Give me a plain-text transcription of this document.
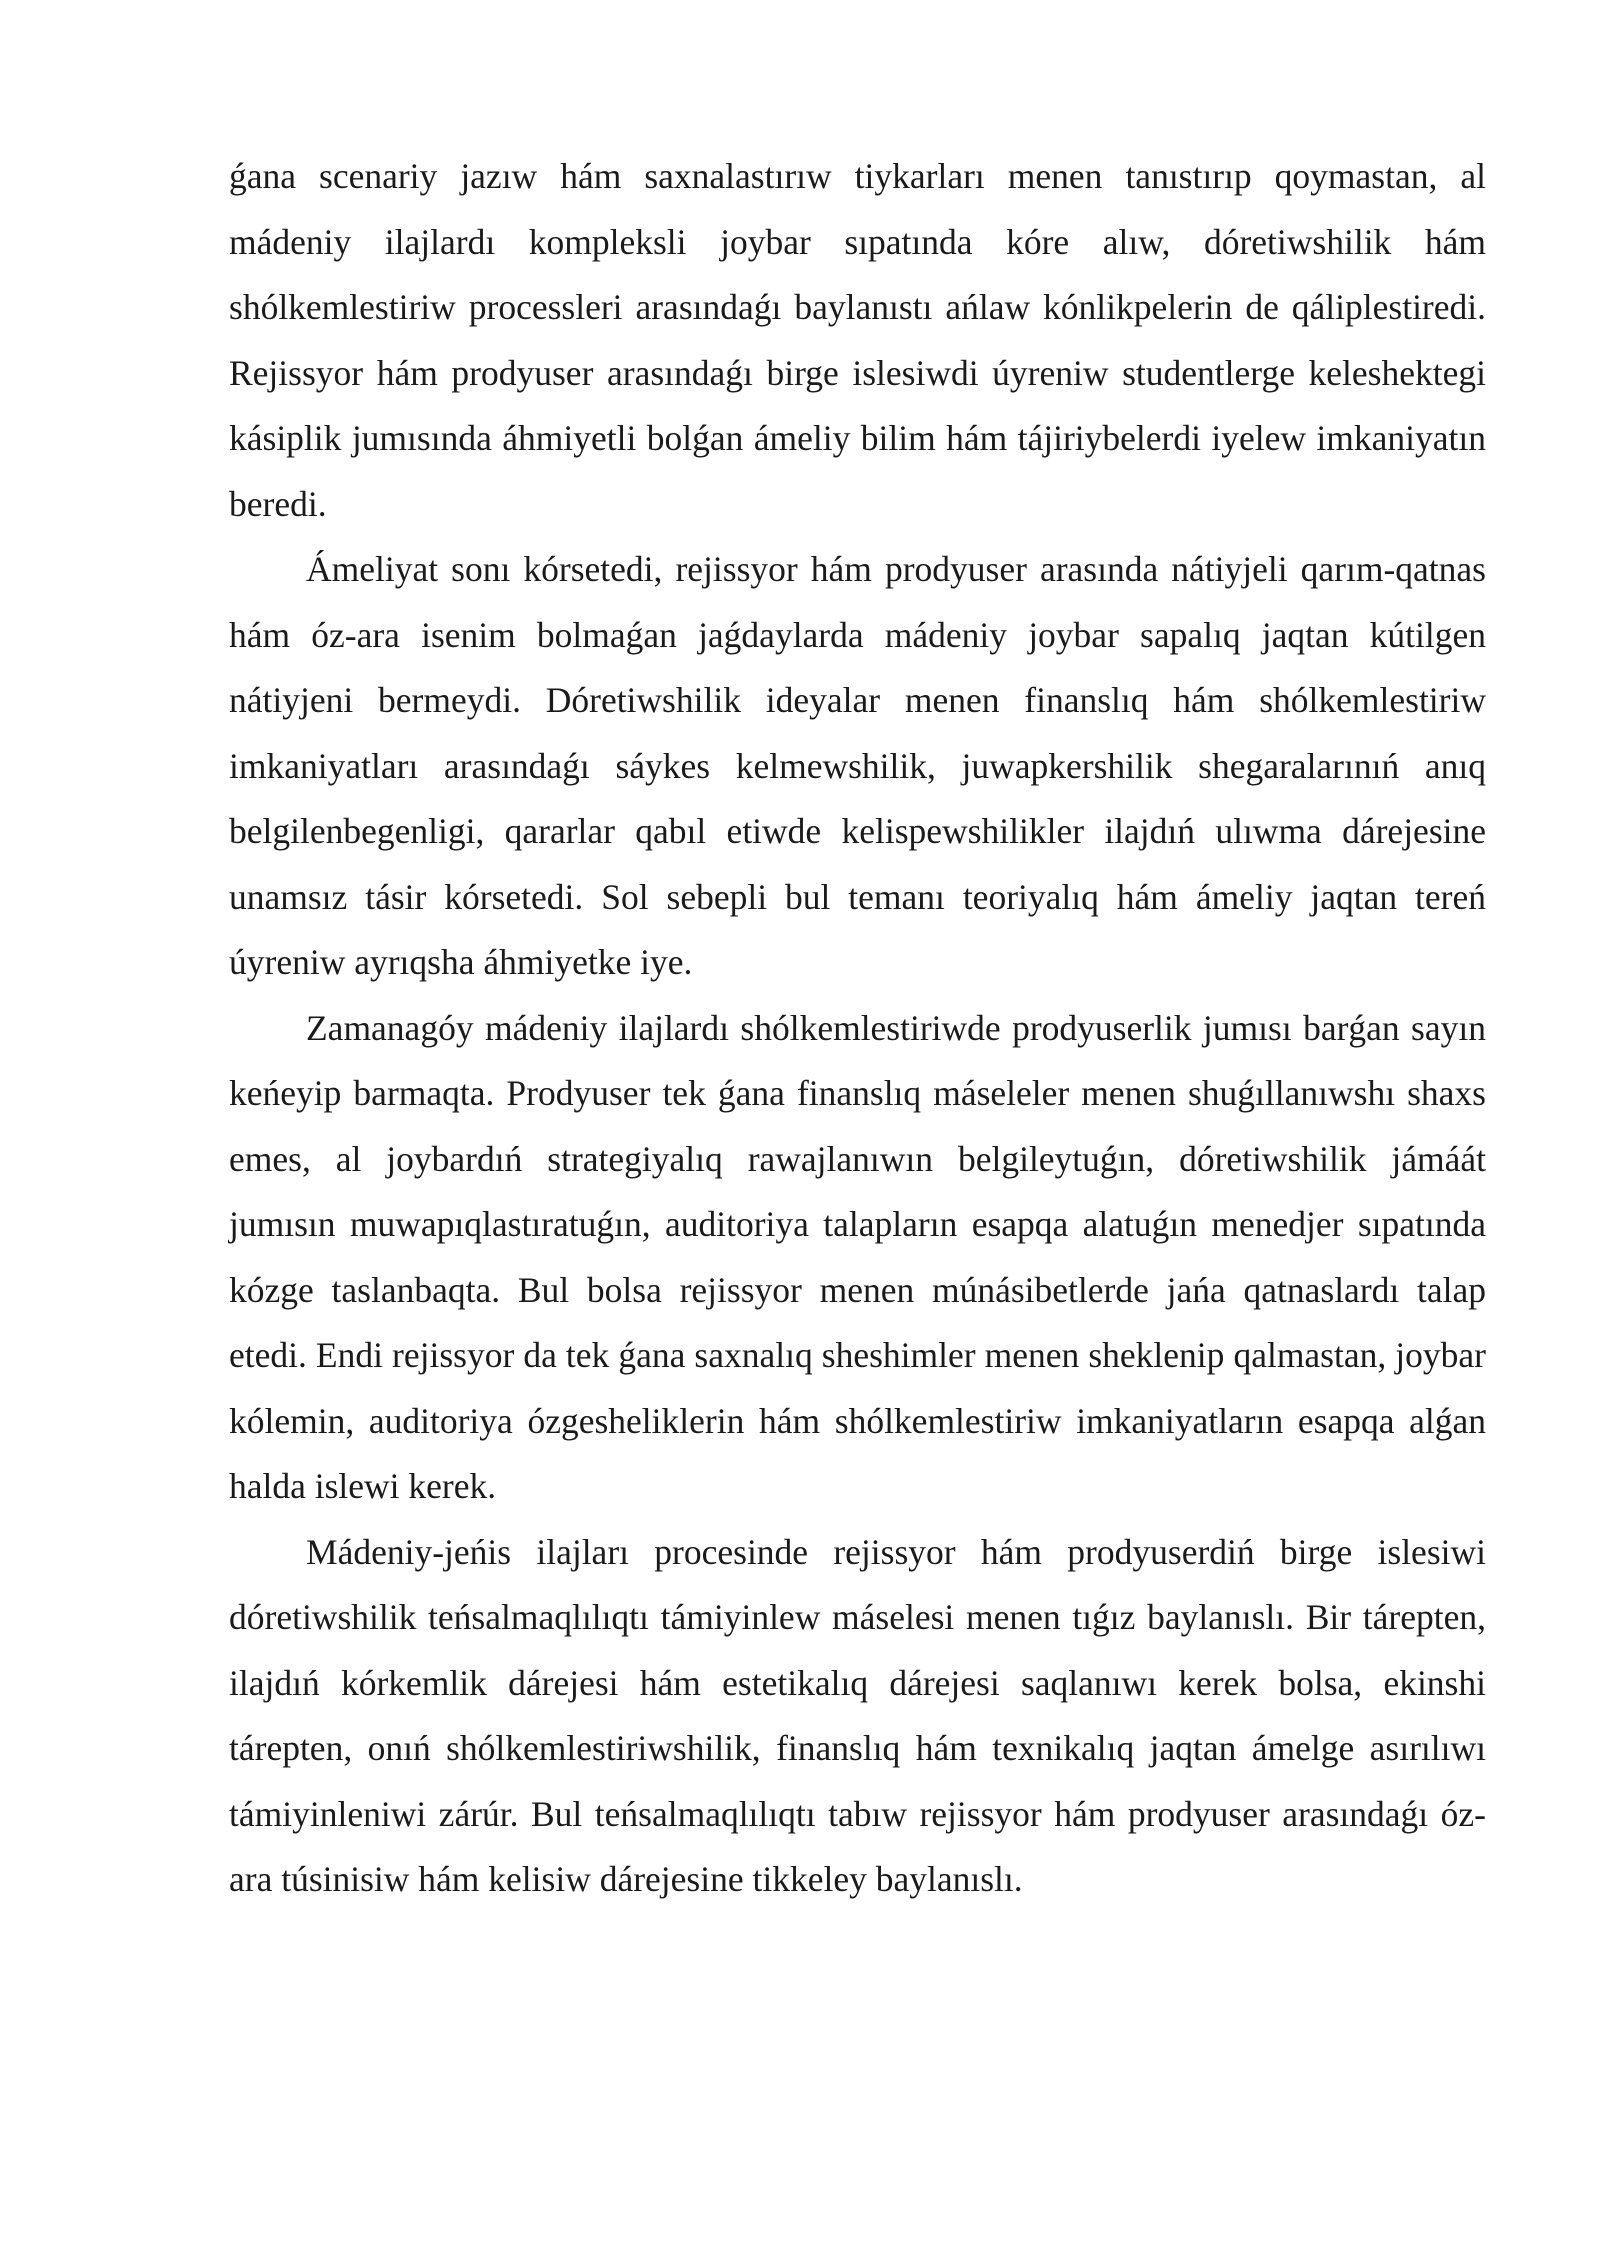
ǵana scenariy jazıw hám saxnalastırıw tiykarları menen tanıstırıp qoymastan, al mádeniy ilajlardı kompleksli joybar sıpatında kóre alıw, dóretiwshilik hám shólkemlestiriw processleri arasındaǵı baylanıstı ańlaw kónlikpelerin de qáliplestiredi. Rejissyor hám prodyuser arasındaǵı birge islesiwdi úyreniw studentlerge keleshektegi kásiplik jumısında áhmiyetli bolǵan ámeliy bilim hám tájiriybelerdi iyelew imkaniyatın beredi.

Ámeliyat sonı kórsetedi, rejissyor hám prodyuser arasında nátiyjeli qarım-qatnas hám óz-ara isenim bolmaǵan jaǵdaylarda mádeniy joybar sapalıq jaqtan kútilgen nátiyjeni bermeydi. Dóretiwshilik ideyalar menen finanslıq hám shólkemlestiriw imkaniyatları arasındaǵı sáykes kelmewshilik, juwapkershilik shegaralarınıń anıq belgilenbegenligi, qararlar qabıl etiwde kelispewshilikler ilajdıń ulıwma dárejesine unamsız tásir kórsetedi. Sol sebepli bul temanı teoriyalıq hám ámeliy jaqtan tereń úyreniw ayrıqsha áhmiyetke iye.

Zamanagóy mádeniy ilajlardı shólkemlestiriwde prodyuserlik jumısı barǵan sayın keńeyip barmaqta. Prodyuser tek ǵana finanslıq máseleler menen shuǵıllanıwshı shaxs emes, al joybardıń strategiyalıq rawajlanıwın belgileytuǵın, dóretiwshilik jámáát jumısın muwapıqlastıratuǵın, auditoriya talapların esapqa alatuǵın menedjer sıpatında kózge taslanbaqta. Bul bolsa rejissyor menen múnásibetlerde jańa qatnaslardı talap etedi. Endi rejissyor da tek ǵana saxnalıq sheshimler menen sheklenip qalmastan, joybar kólemin, auditoriya ózgesheliklerin hám shólkemlestiriw imkaniyatların esapqa alǵan halda islewi kerek.

Mádeniy-jeńis ilajları procesinde rejissyor hám prodyuserdiń birge islesiwi dóretiwshilik teńsalmaqlılıqtı támiyinlew máselesi menen tıǵız baylanıslı. Bir tárepten, ilajdıń kórkemlik dárejesi hám estetikalıq dárejesi saqlanıwı kerek bolsa, ekinshi tárepten, onıń shólkemlestiriwshilik, finanslıq hám texnikalıq jaqtan ámelge asırılıwı támiyinleniwi zárúr. Bul teńsalmaqlılıqtı tabıw rejissyor hám prodyuser arasındaǵı óz-ara túsinisiw hám kelisiw dárejesine tikkeley baylanıslı.
